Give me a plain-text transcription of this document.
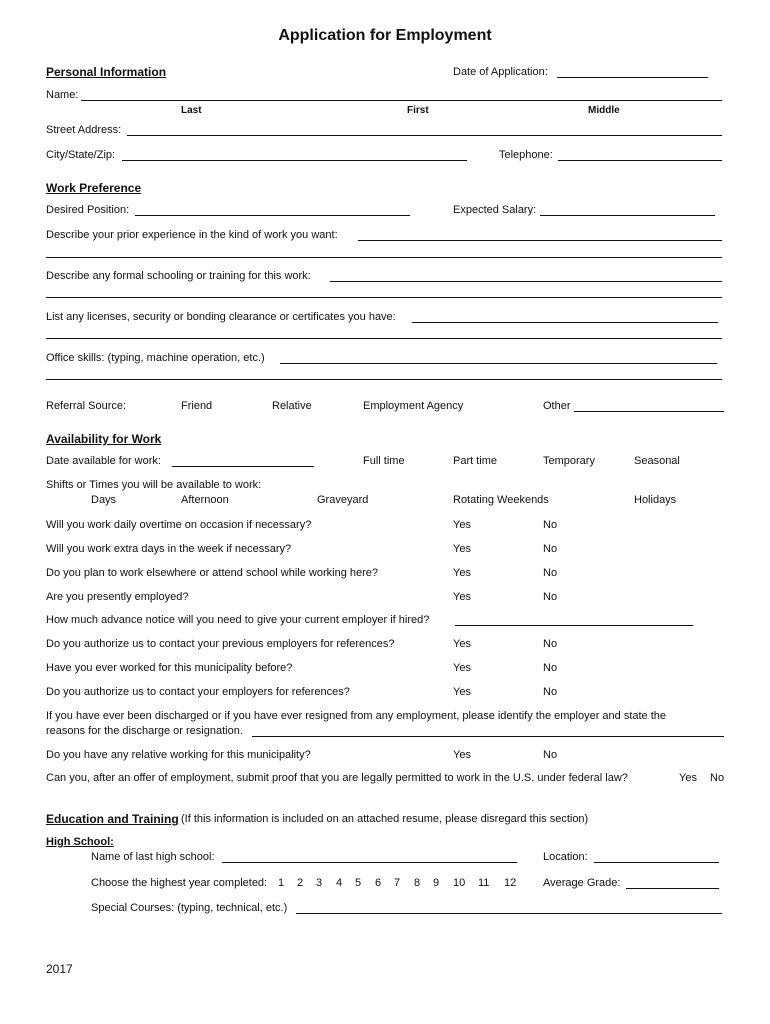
Application for Employment
Personal Information	Date of Application:
Name:
Last	First	Middle
Street Address:
City/State/Zip:	Telephone:
Work Preference
Desired Position:	Expected Salary:
Describe your prior experience in the kind of work you want:
Describe any formal schooling or training for this work:
List any licenses, security or bonding clearance or certificates you have:
Office skills: (typing, machine operation, etc.)
Referral Source:	Friend	Relative	Employment Agency	Other
Availability for Work
Date available for work:	Full time	Part time	Temporary	Seasonal
Shifts or Times you will be available to work:
Days	Afternoon	Graveyard	Rotating Weekends	Holidays
Will you work daily overtime on occasion if necessary?	Yes	No
Will you work extra days in the week if necessary?	Yes	No
Do you plan to work elsewhere or attend school while working here?	Yes	No
Are you presently employed?	Yes	No
How much advance notice will you need to give your current employer if hired?
Do you authorize us to contact your previous employers for references?	Yes	No
Have you ever worked for this municipality before?	Yes	No
Do you authorize us to contact your employers for references?	Yes	No
If you have ever been discharged or if you have ever resigned from any employment, please identify the employer and state the
reasons for the discharge or resignation.
Do you have any relative working for this municipality?	Yes	No
Can you, after an offer of employment, submit proof that you are legally permitted to work in the U.S. under federal law?	Yes No
Education and Training (If this information is included on an attached resume, please disregard this section)
High School:
Name of last high school:	Location:
Choose the highest year completed: 1 2 3 4 5 6 7 8 9 10 11 12 Average Grade:
Special Courses: (typing, technical, etc.)
2017
